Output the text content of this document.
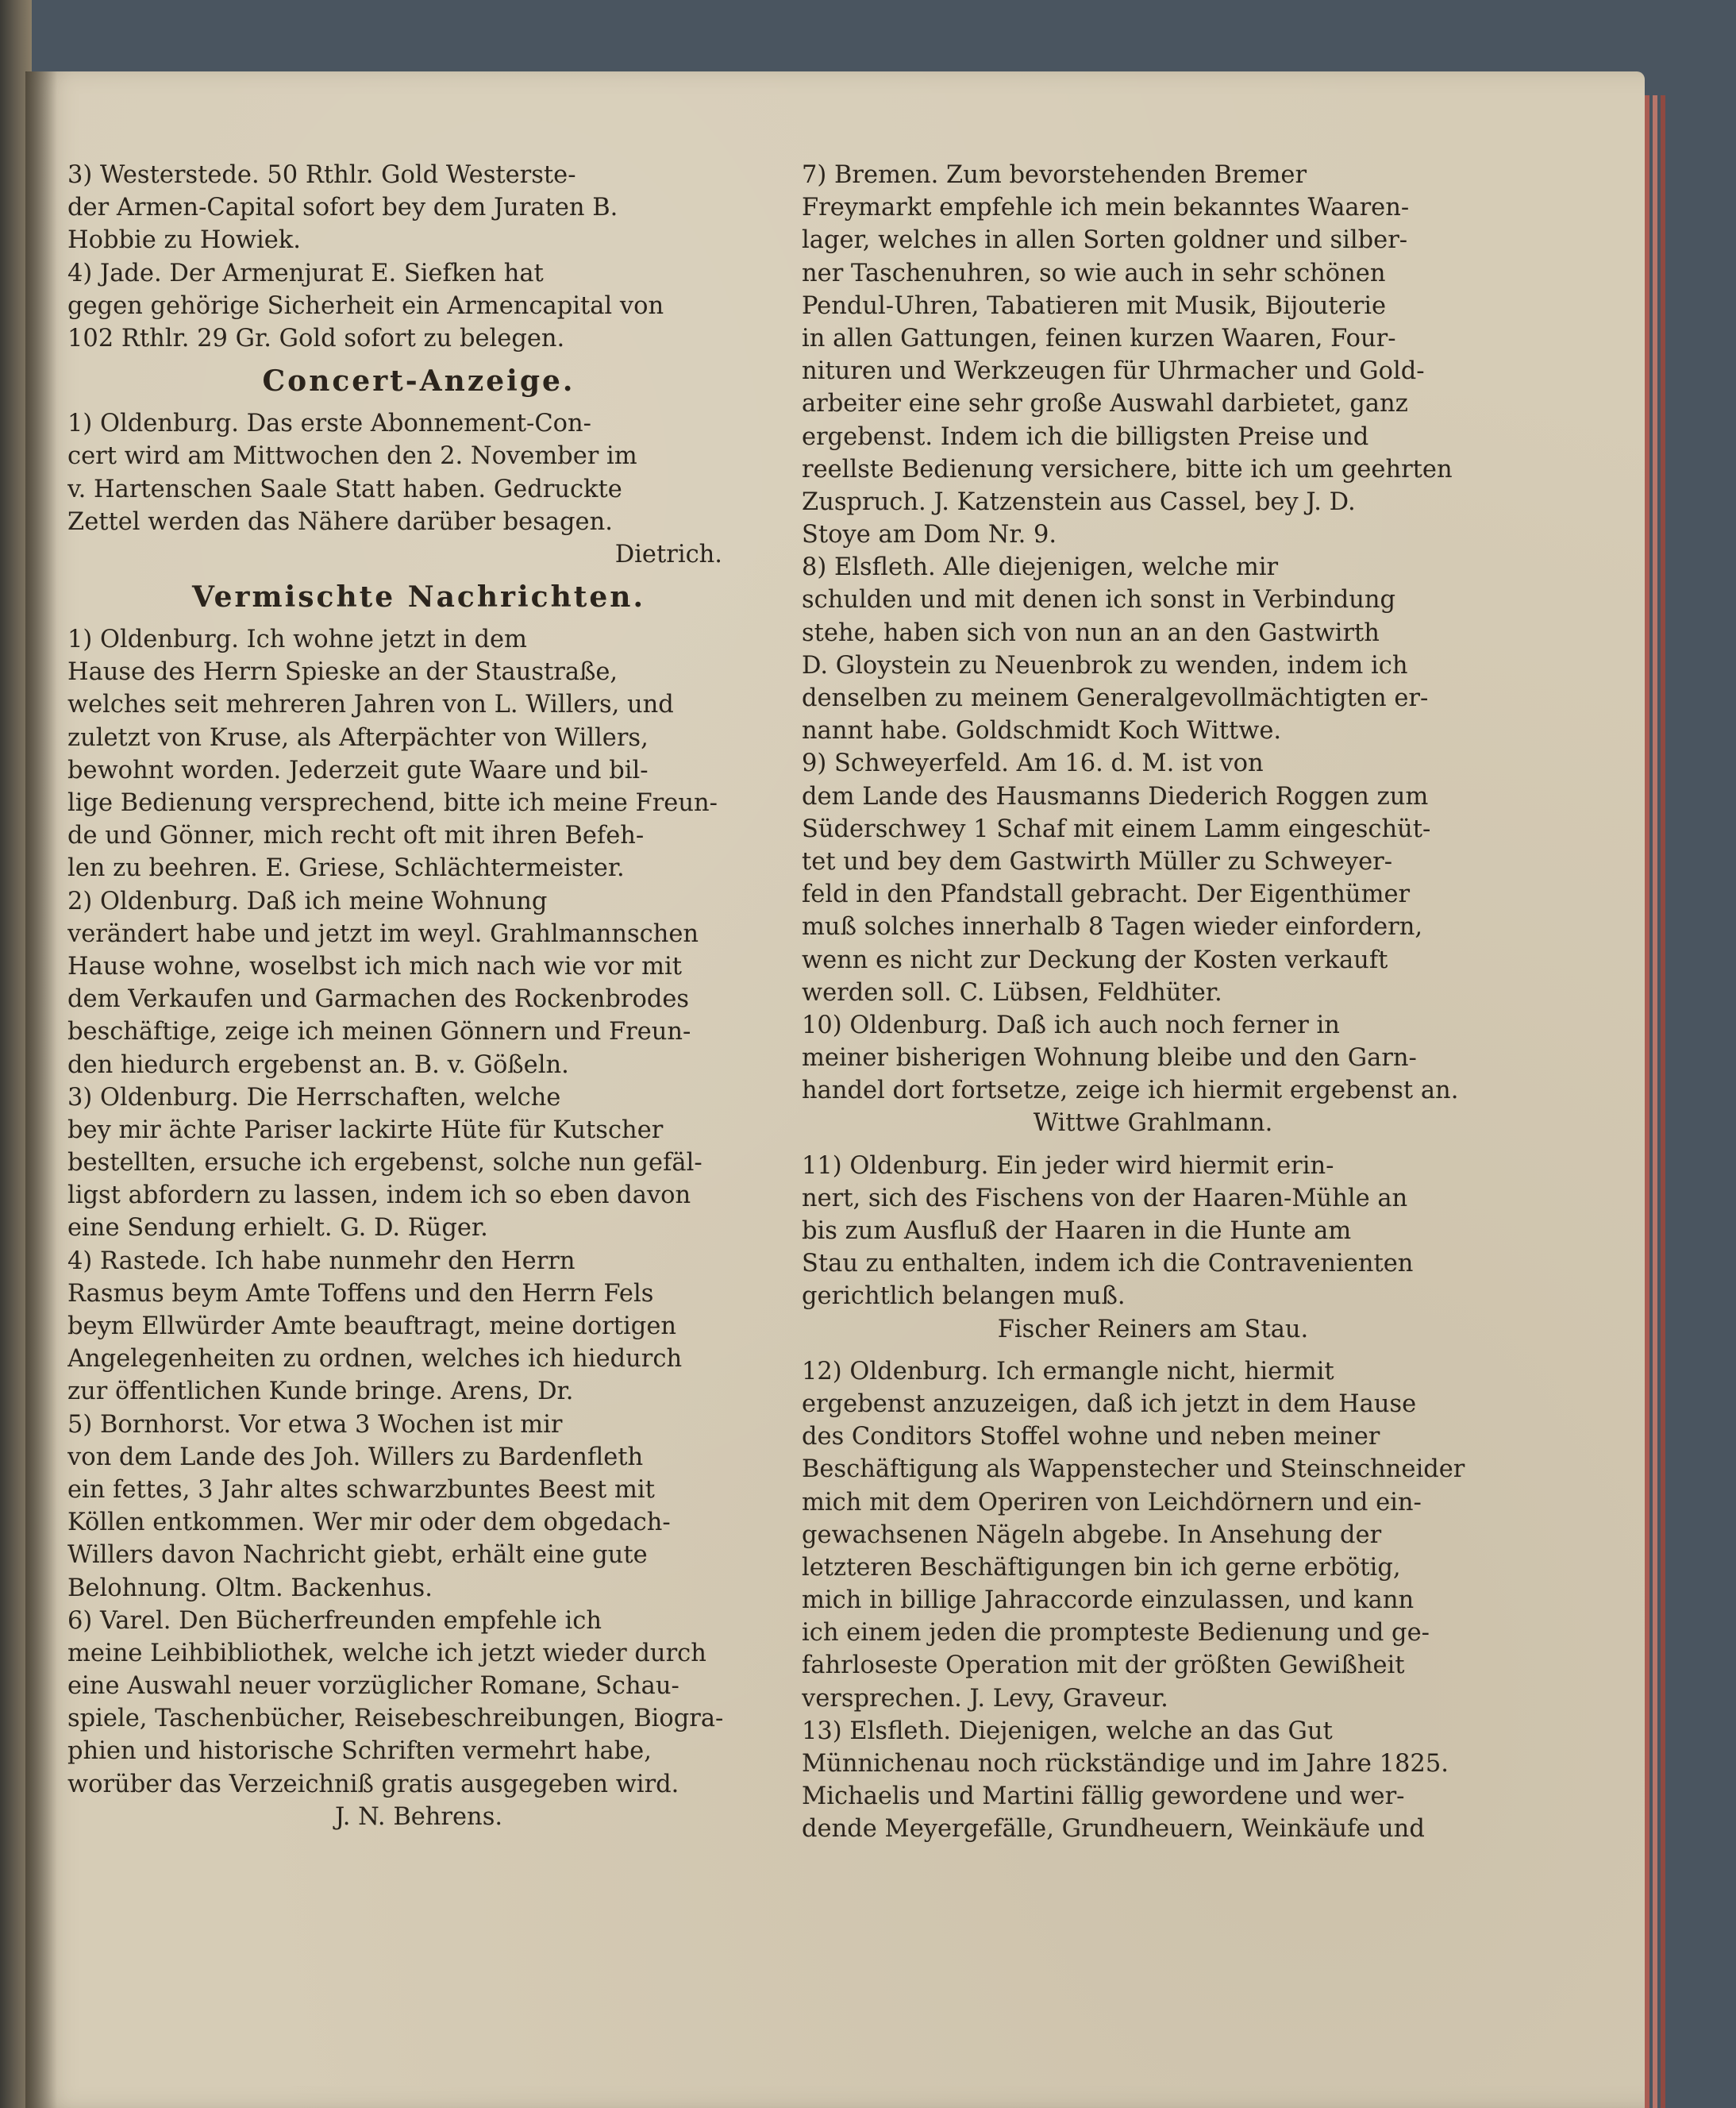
3) Westerstede. 50 Rthlr. Gold Westerste-
der Armen-Capital sofort bey dem Juraten B.
Hobbie zu Howiek.
4) Jade. Der Armenjurat E. Siefken hat
gegen gehörige Sicherheit ein Armencapital von
102 Rthlr. 29 Gr. Gold sofort zu belegen.
Concert-Anzeige.
1) Oldenburg. Das erste Abonnement-Con-
cert wird am Mittwochen den 2. November im
v. Hartenschen Saale Statt haben. Gedruckte
Zettel werden das Nähere darüber besagen.
Dietrich.
Vermischte Nachrichten.
1) Oldenburg. Ich wohne jetzt in dem
Hause des Herrn Spieske an der Staustraße,
welches seit mehreren Jahren von L. Willers, und
zuletzt von Kruse, als Afterpächter von Willers,
bewohnt worden. Jederzeit gute Waare und bil-
lige Bedienung versprechend, bitte ich meine Freun-
de und Gönner, mich recht oft mit ihren Befeh-
len zu beehren. E. Griese, Schlächtermeister.
2) Oldenburg. Daß ich meine Wohnung
verändert habe und jetzt im weyl. Grahlmannschen
Hause wohne, woselbst ich mich nach wie vor mit
dem Verkaufen und Garmachen des Rockenbrodes
beschäftige, zeige ich meinen Gönnern und Freun-
den hiedurch ergebenst an. B. v. Gößeln.
3) Oldenburg. Die Herrschaften, welche
bey mir ächte Pariser lackirte Hüte für Kutscher
bestellten, ersuche ich ergebenst, solche nun gefäl-
ligst abfordern zu lassen, indem ich so eben davon
eine Sendung erhielt. G. D. Rüger.
4) Rastede. Ich habe nunmehr den Herrn
Rasmus beym Amte Toffens und den Herrn Fels
beym Ellwürder Amte beauftragt, meine dortigen
Angelegenheiten zu ordnen, welches ich hiedurch
zur öffentlichen Kunde bringe. Arens, Dr.
5) Bornhorst. Vor etwa 3 Wochen ist mir
von dem Lande des Joh. Willers zu Bardenfleth
ein fettes, 3 Jahr altes schwarzbuntes Beest mit
Köllen entkommen. Wer mir oder dem obgedach-
Willers davon Nachricht giebt, erhält eine gute
Belohnung. Oltm. Backenhus.
6) Varel. Den Bücherfreunden empfehle ich
meine Leihbibliothek, welche ich jetzt wieder durch
eine Auswahl neuer vorzüglicher Romane, Schau-
spiele, Taschenbücher, Reisebeschreibungen, Biogra-
phien und historische Schriften vermehrt habe,
worüber das Verzeichniß gratis ausgegeben wird.
J. N. Behrens.
7) Bremen. Zum bevorstehenden Bremer
Freymarkt empfehle ich mein bekanntes Waaren-
lager, welches in allen Sorten goldner und silber-
ner Taschenuhren, so wie auch in sehr schönen
Pendul-Uhren, Tabatieren mit Musik, Bijouterie
in allen Gattungen, feinen kurzen Waaren, Four-
nituren und Werkzeugen für Uhrmacher und Gold-
arbeiter eine sehr große Auswahl darbietet, ganz
ergebenst. Indem ich die billigsten Preise und
reellste Bedienung versichere, bitte ich um geehrten
Zuspruch. J. Katzenstein aus Cassel, bey J. D.
Stoye am Dom Nr. 9.
8) Elsfleth. Alle diejenigen, welche mir
schulden und mit denen ich sonst in Verbindung
stehe, haben sich von nun an an den Gastwirth
D. Gloystein zu Neuenbrok zu wenden, indem ich
denselben zu meinem Generalgevollmächtigten er-
nannt habe. Goldschmidt Koch Wittwe.
9) Schweyerfeld. Am 16. d. M. ist von
dem Lande des Hausmanns Diederich Roggen zum
Süderschwey 1 Schaf mit einem Lamm eingeschüt-
tet und bey dem Gastwirth Müller zu Schweyer-
feld in den Pfandstall gebracht. Der Eigenthümer
muß solches innerhalb 8 Tagen wieder einfordern,
wenn es nicht zur Deckung der Kosten verkauft
werden soll. C. Lübsen, Feldhüter.
10) Oldenburg. Daß ich auch noch ferner in
meiner bisherigen Wohnung bleibe und den Garn-
handel dort fortsetze, zeige ich hiermit ergebenst an.
Wittwe Grahlmann.
11) Oldenburg. Ein jeder wird hiermit erin-
nert, sich des Fischens von der Haaren-Mühle an
bis zum Ausfluß der Haaren in die Hunte am
Stau zu enthalten, indem ich die Contravenienten
gerichtlich belangen muß.
Fischer Reiners am Stau.
12) Oldenburg. Ich ermangle nicht, hiermit
ergebenst anzuzeigen, daß ich jetzt in dem Hause
des Conditors Stoffel wohne und neben meiner
Beschäftigung als Wappenstecher und Steinschneider
mich mit dem Operiren von Leichdörnern und ein-
gewachsenen Nägeln abgebe. In Ansehung der
letzteren Beschäftigungen bin ich gerne erbötig,
mich in billige Jahraccorde einzulassen, und kann
ich einem jeden die prompteste Bedienung und ge-
fahrloseste Operation mit der größten Gewißheit
versprechen. J. Levy, Graveur.
13) Elsfleth. Diejenigen, welche an das Gut
Münnichenau noch rückständige und im Jahre 1825.
Michaelis und Martini fällig gewordene und wer-
dende Meyergefälle, Grundheuern, Weinkäufe und
